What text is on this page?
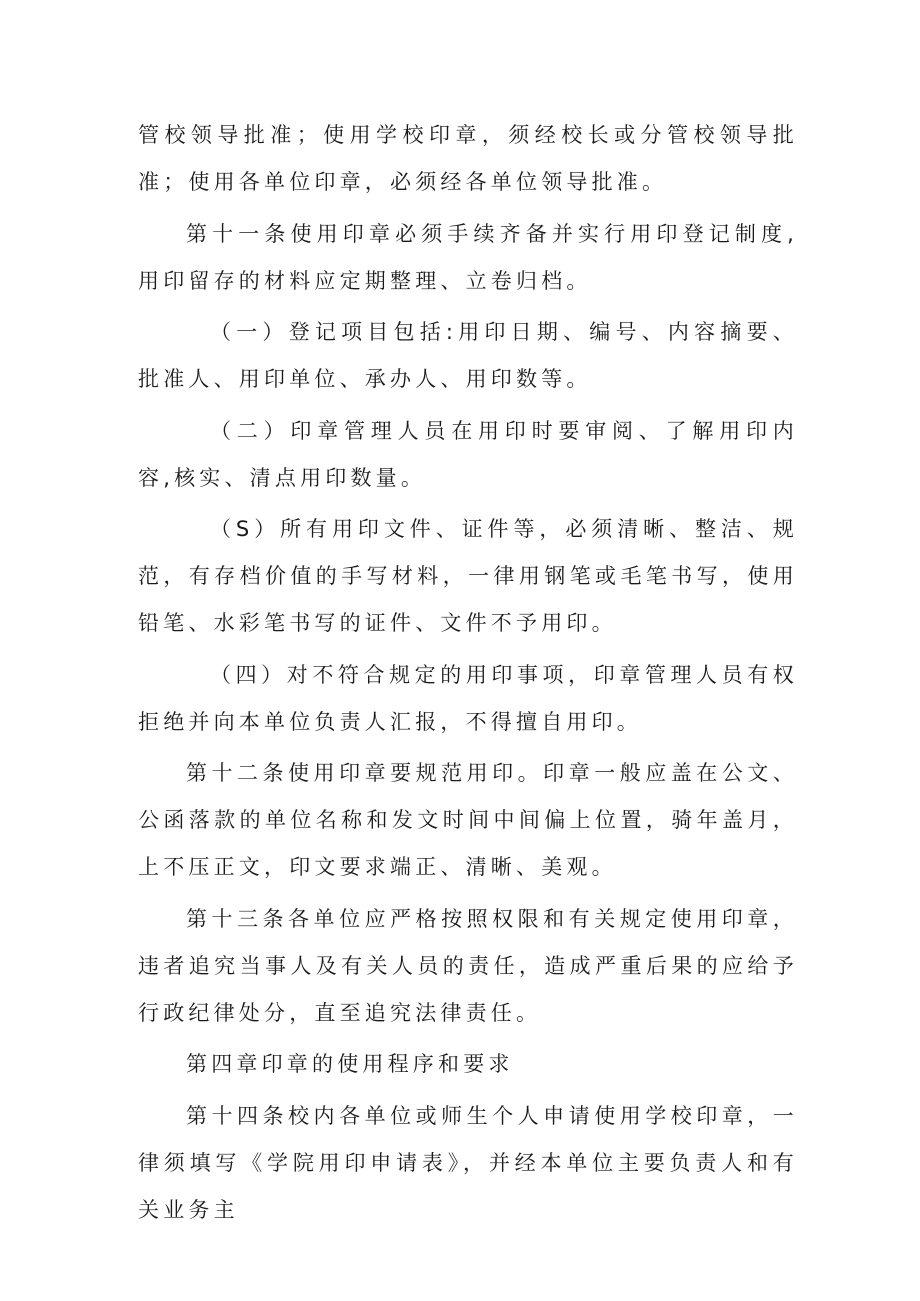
管校领导批准；使用学校印章，须经校长或分管校领导批准；使用各单位印章，必须经各单位领导批准。

第十一条使用印章必须手续齐备并实行用印登记制度,用印留存的材料应定期整理、立卷归档。

（一）登记项目包括:用印日期、编号、内容摘要、批准人、用印单位、承办人、用印数等。

（二）印章管理人员在用印时要审阅、了解用印内容,核实、清点用印数量。

（S）所有用印文件、证件等，必须清晰、整洁、规范，有存档价值的手写材料，一律用钢笔或毛笔书写，使用铅笔、水彩笔书写的证件、文件不予用印。

（四）对不符合规定的用印事项，印章管理人员有权拒绝并向本单位负责人汇报，不得擅自用印。

第十二条使用印章要规范用印。印章一般应盖在公文、公函落款的单位名称和发文时间中间偏上位置，骑年盖月，上不压正文，印文要求端正、清晰、美观。

第十三条各单位应严格按照权限和有关规定使用印章，违者追究当事人及有关人员的责任，造成严重后果的应给予行政纪律处分，直至追究法律责任。

第四章印章的使用程序和要求

第十四条校内各单位或师生个人申请使用学校印章，一律须填写《学院用印申请表》，并经本单位主要负责人和有关业务主
